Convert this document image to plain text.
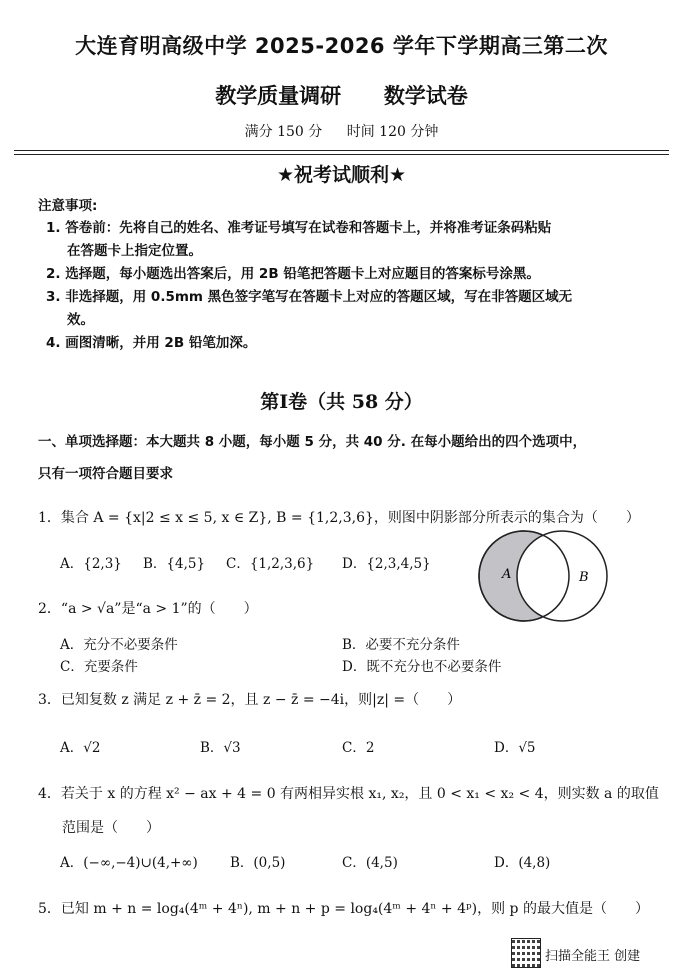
大连育明高级中学 2025-2026 学年下学期高三第二次
教学质量调研 数学试卷
满分 150 分 时间 120 分钟
★祝考试顺利★
注意事项:
1. 答卷前：先将自己的姓名、准考证号填写在试卷和答题卡上，并将准考证条码粘贴
在答题卡上指定位置。
2. 选择题，每小题选出答案后，用 2B 铅笔把答题卡上对应题目的答案标号涂黑。
3. 非选择题，用 0.5mm 黑色签字笔写在答题卡上对应的答题区域，写在非答题区域无
效。
4. 画图清晰，并用 2B 铅笔加深。
第Ⅰ卷（共 58 分）
一、单项选择题：本大题共 8 小题，每小题 5 分，共 40 分. 在每小题给出的四个选项中，
只有一项符合题目要求
1．集合 A = {x|2 ≤ x ≤ 5, x ∈ Z}, B = {1,2,3,6}，则图中阴影部分所表示的集合为（　　）
A．{2,3} B．{4,5} C．{1,2,3,6} D．{2,3,4,5}
A	B
2．“a > √a”是“a > 1”的（　　）
A．充分不必要条件	B．必要不充分条件
C．充要条件	D．既不充分也不必要条件
3．已知复数 z 满足 z + z̄ = 2，且 z − z̄ = −4i，则|z| =（　　）
A．√2	B．√3	C．2	D．√5
4．若关于 x 的方程 x² − ax + 4 = 0 有两相异实根 x₁, x₂，且 0 < x₁ < x₂ < 4，则实数 a 的取值
范围是（　　）
A．(−∞,−4)∪(4,+∞) B．(0,5)	C．(4,5)	D．(4,8)
5．已知 m + n = log₄(4ᵐ + 4ⁿ), m + n + p = log₄(4ᵐ + 4ⁿ + 4ᵖ)，则 p 的最大值是（　　）
扫描全能王 创建
